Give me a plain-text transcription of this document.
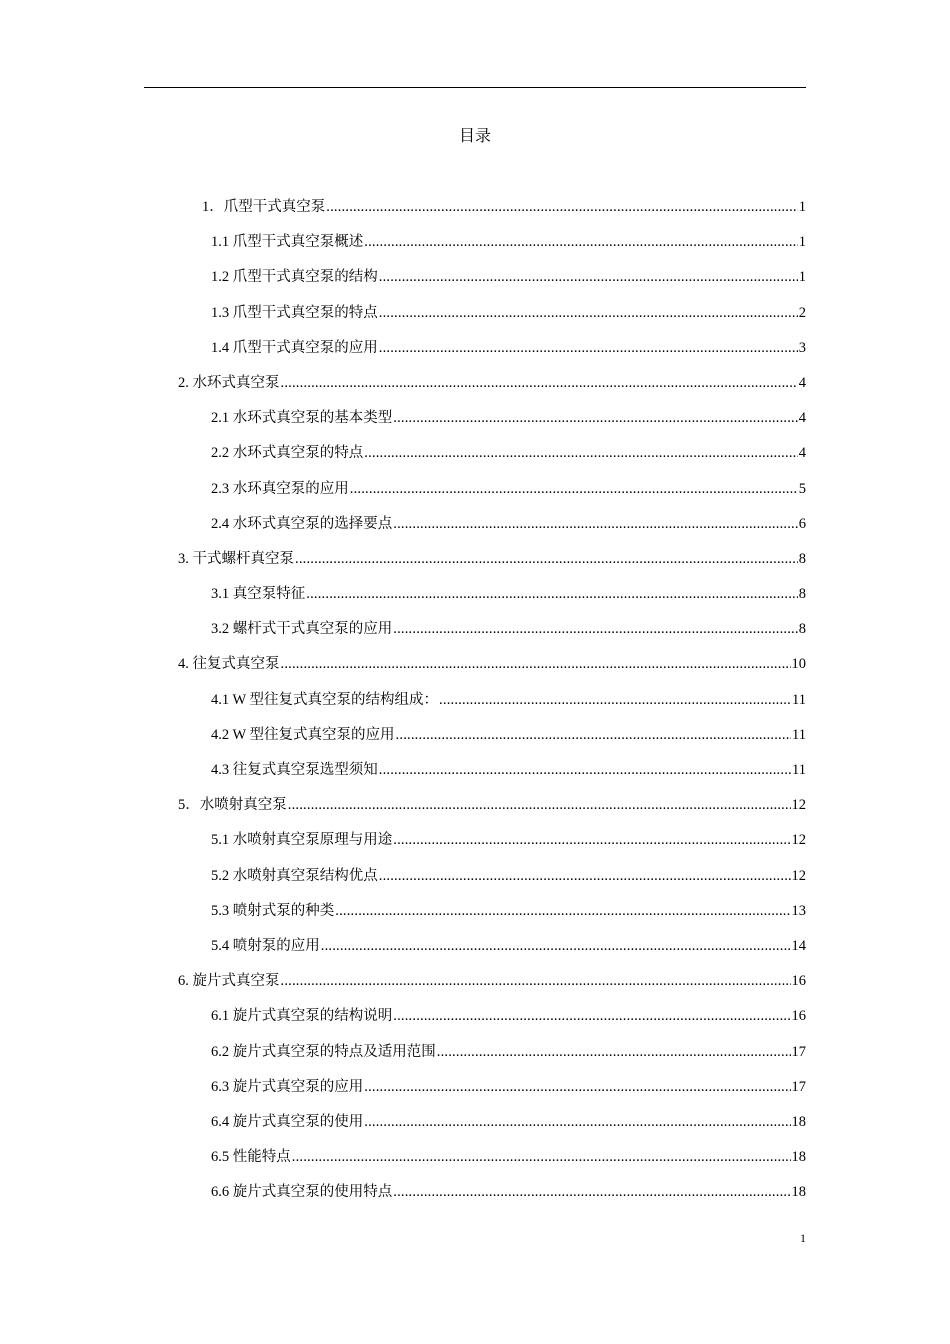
目录
1．爪型干式真空泵 .....	1
1.1 爪型干式真空泵概述 .....	1
1.2 爪型干式真空泵的结构 .....	1
1.3 爪型干式真空泵的特点 .....	2
1.4 爪型干式真空泵的应用 .....	3
2. 水环式真空泵 .....	4
2.1 水环式真空泵的基本类型 .....	4
2.2 水环式真空泵的特点 .....	4
2.3 水环真空泵的应用 .....	5
2.4 水环式真空泵的选择要点 .....	6
3. 干式螺杆真空泵 .....	8
3.1 真空泵特征 .....	8
3.2 螺杆式干式真空泵的应用 .....	8
4. 往复式真空泵 .....	10
4.1 W 型往复式真空泵的结构组成： .....	11
4.2 W 型往复式真空泵的应用 .....	11
4.3 往复式真空泵选型须知 .....	11
5．水喷射真空泵 .....	12
5.1 水喷射真空泵原理与用途 .....	12
5.2 水喷射真空泵结构优点 .....	12
5.3 喷射式泵的种类 .....	13
5.4 喷射泵的应用 .....	14
6. 旋片式真空泵 .....	16
6.1 旋片式真空泵的结构说明 .....	16
6.2 旋片式真空泵的特点及适用范围 .....	17
6.3 旋片式真空泵的应用 .....	17
6.4 旋片式真空泵的使用 .....	18
6.5 性能特点 .....	18
6.6 旋片式真空泵的使用特点 .....	18
1
